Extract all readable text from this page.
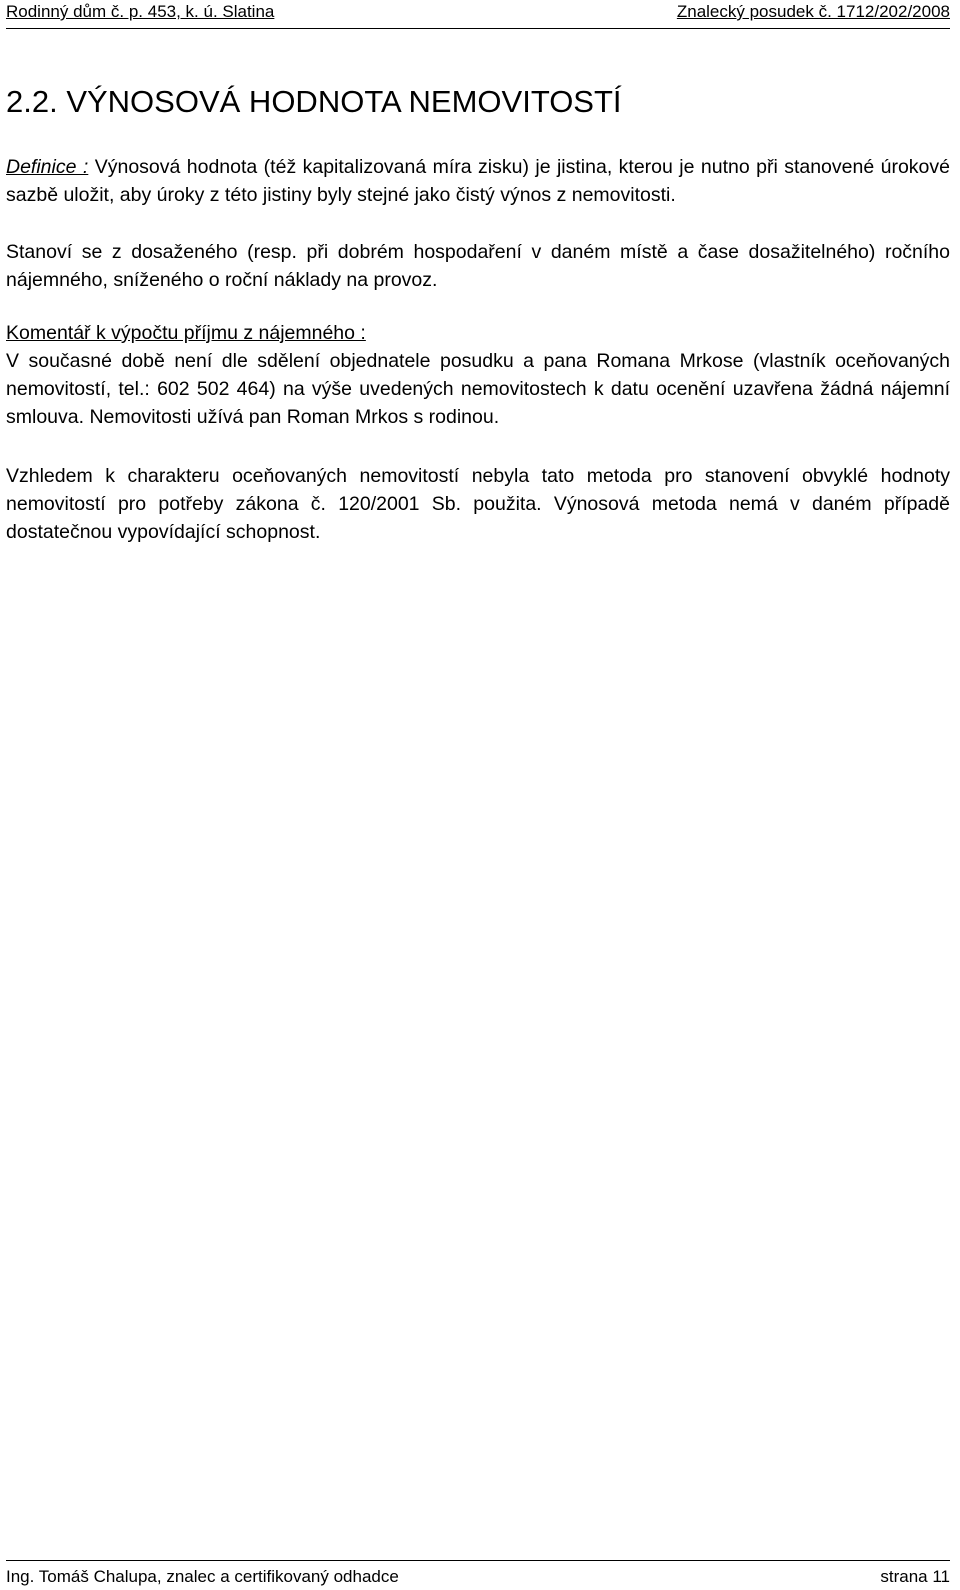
Rodinný dům č. p. 453, k. ú. Slatina	Znalecký posudek č. 1712/202/2008
2.2. VÝNOSOVÁ HODNOTA NEMOVITOSTÍ

Definice : Výnosová hodnota (též kapitalizovaná míra zisku) je jistina, kterou je nutno při stanovené úrokové sazbě uložit, aby úroky z této jistiny byly stejné jako čistý výnos z nemovitosti.

Stanoví se z dosaženého (resp. při dobrém hospodaření v daném místě a čase dosažitelného) ročního nájemného, sníženého o roční náklady na provoz.

Komentář k výpočtu příjmu z nájemného :
V současné době není dle sdělení objednatele posudku a pana Romana Mrkose (vlastník oceňovaných nemovitostí, tel.: 602 502 464) na výše uvedených nemovitostech k datu ocenění uzavřena žádná nájemní smlouva. Nemovitosti užívá pan Roman Mrkos s rodinou.

Vzhledem k charakteru oceňovaných nemovitostí nebyla tato metoda pro stanovení obvyklé hodnoty nemovitostí pro potřeby zákona č. 120/2001 Sb. použita. Výnosová metoda nemá v daném případě dostatečnou vypovídající schopnost.

Ing. Tomáš Chalupa, znalec a certifikovaný odhadce	strana 11
